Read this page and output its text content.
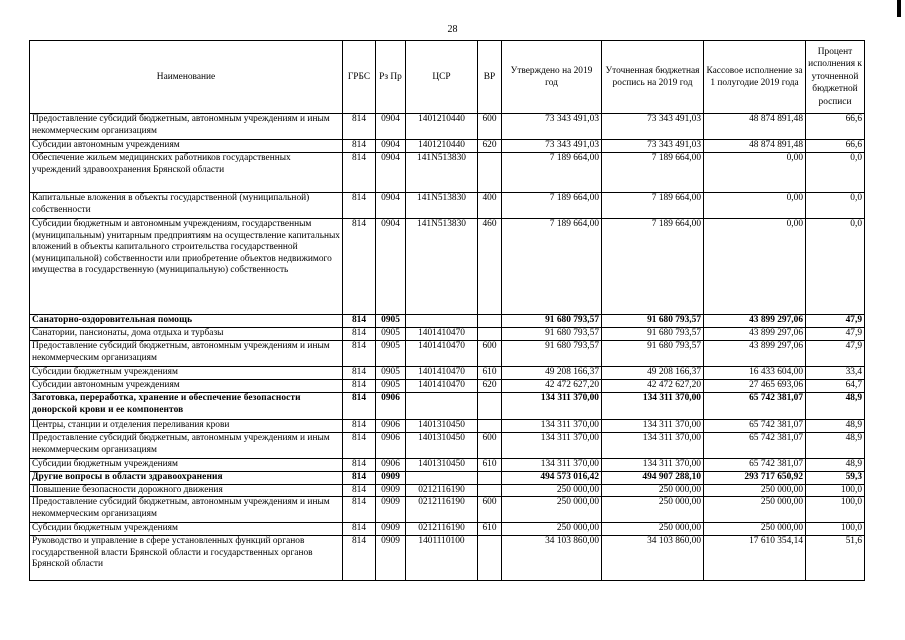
28
Наименование	ГРБС	Рз Пр	ЦСР	ВР	Утверждено на 2019 год	Уточненная бюджетная роспись на 2019 год	Кассовое исполнение за 1 полугодие 2019 года	Процент исполнения к уточненной бюджетной росписи
Предоставление субсидий бюджетным, автономным учреждениям и иным некоммерческим организациям	814	0904	1401210440	600	73 343 491,03	73 343 491,03	48 874 891,48	66,6
Субсидии автономным учреждениям	814	0904	1401210440	620	73 343 491,03	73 343 491,03	48 874 891,48	66,6
Обеспечение жильем медицинских работников государственных учреждений здравоохранения Брянской области	814	0904	141N513830		7 189 664,00	7 189 664,00	0,00	0,0
Капитальные вложения в объекты государственной (муниципальной) собственности	814	0904	141N513830	400	7 189 664,00	7 189 664,00	0,00	0,0
Субсидии бюджетным и автономным учреждениям, государственным (муниципальным) унитарным предприятиям на осуществление капитальных вложений в объекты капитального строительства государственной (муниципальной) собственности или приобретение объектов недвижимого имущества в государственную (муниципальную) собственность	814	0904	141N513830	460	7 189 664,00	7 189 664,00	0,00	0,0
Санаторно-оздоровительная помощь	814	0905			91 680 793,57	91 680 793,57	43 899 297,06	47,9
Санатории, пансионаты, дома отдыха и турбазы	814	0905	1401410470		91 680 793,57	91 680 793,57	43 899 297,06	47,9
Предоставление субсидий бюджетным, автономным учреждениям и иным некоммерческим организациям	814	0905	1401410470	600	91 680 793,57	91 680 793,57	43 899 297,06	47,9
Субсидии бюджетным учреждениям	814	0905	1401410470	610	49 208 166,37	49 208 166,37	16 433 604,00	33,4
Субсидии автономным учреждениям	814	0905	1401410470	620	42 472 627,20	42 472 627,20	27 465 693,06	64,7
Заготовка, переработка, хранение и обеспечение безопасности донорской крови и ее компонентов	814	0906			134 311 370,00	134 311 370,00	65 742 381,07	48,9
Центры, станции и отделения переливания крови	814	0906	1401310450		134 311 370,00	134 311 370,00	65 742 381,07	48,9
Предоставление субсидий бюджетным, автономным учреждениям и иным некоммерческим организациям	814	0906	1401310450	600	134 311 370,00	134 311 370,00	65 742 381,07	48,9
Субсидии бюджетным учреждениям	814	0906	1401310450	610	134 311 370,00	134 311 370,00	65 742 381,07	48,9
Другие вопросы в области здравоохранения	814	0909			494 573 016,42	494 907 288,10	293 717 650,92	59,3
Повышение безопасности дорожного движения	814	0909	0212116190		250 000,00	250 000,00	250 000,00	100,0
Предоставление субсидий бюджетным, автономным учреждениям и иным некоммерческим организациям	814	0909	0212116190	600	250 000,00	250 000,00	250 000,00	100,0
Субсидии бюджетным учреждениям	814	0909	0212116190	610	250 000,00	250 000,00	250 000,00	100,0
Руководство и управление в сфере установленных функций органов государственной власти Брянской области и государственных органов Брянской области	814	0909	1401110100		34 103 860,00	34 103 860,00	17 610 354,14	51,6
